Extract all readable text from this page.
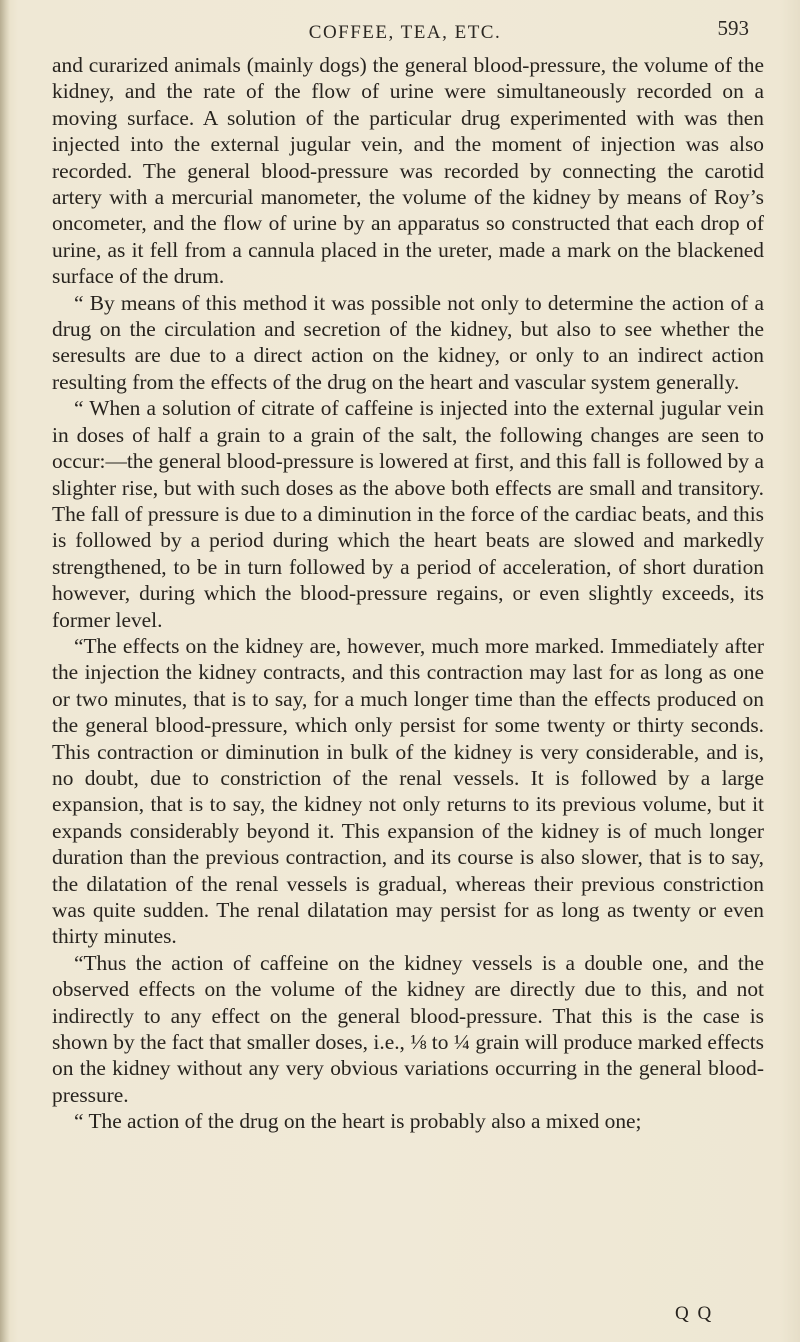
COFFEE, TEA, ETC.	593

and curarized animals (mainly dogs) the general blood-pressure, the volume of the kidney, and the rate of the flow of urine were simultaneously recorded on a moving surface. A solution of the particular drug experimented with was then injected into the external jugular vein, and the moment of injection was also recorded. The general blood-pressure was recorded by connecting the carotid artery with a mercurial manometer, the volume of the kidney by means of Roy’s oncometer, and the flow of urine by an apparatus so constructed that each drop of urine, as it fell from a cannula placed in the ureter, made a mark on the blackened surface of the drum.

“ By means of this method it was possible not only to determine the action of a drug on the circulation and secretion of the kidney, but also to see whether the seresults are due to a direct action on the kidney, or only to an indirect action resulting from the effects of the drug on the heart and vascular system generally.

“ When a solution of citrate of caffeine is injected into the external jugular vein in doses of half a grain to a grain of the salt, the following changes are seen to occur:—the general blood-pressure is lowered at first, and this fall is followed by a slighter rise, but with such doses as the above both effects are small and transitory. The fall of pressure is due to a diminution in the force of the cardiac beats, and this is followed by a period during which the heart beats are slowed and markedly strengthened, to be in turn followed by a period of acceleration, of short duration however, during which the blood-pressure regains, or even slightly exceeds, its former level.

“The effects on the kidney are, however, much more marked. Immediately after the injection the kidney contracts, and this contraction may last for as long as one or two minutes, that is to say, for a much longer time than the effects produced on the general blood-pressure, which only persist for some twenty or thirty seconds. This contraction or diminution in bulk of the kidney is very considerable, and is, no doubt, due to constriction of the renal vessels. It is followed by a large expansion, that is to say, the kidney not only returns to its previous volume, but it expands considerably beyond it. This expansion of the kidney is of much longer duration than the previous contraction, and its course is also slower, that is to say, the dilatation of the renal vessels is gradual, whereas their previous constriction was quite sudden. The renal dilatation may persist for as long as twenty or even thirty minutes.

“Thus the action of caffeine on the kidney vessels is a double one, and the observed effects on the volume of the kidney are directly due to this, and not indirectly to any effect on the general blood-pressure. That this is the case is shown by the fact that smaller doses, i.e., ⅛ to ¼ grain will produce marked effects on the kidney without any very obvious variations occurring in the general blood-pressure.

“ The action of the drug on the heart is probably also a mixed one;

Q Q
